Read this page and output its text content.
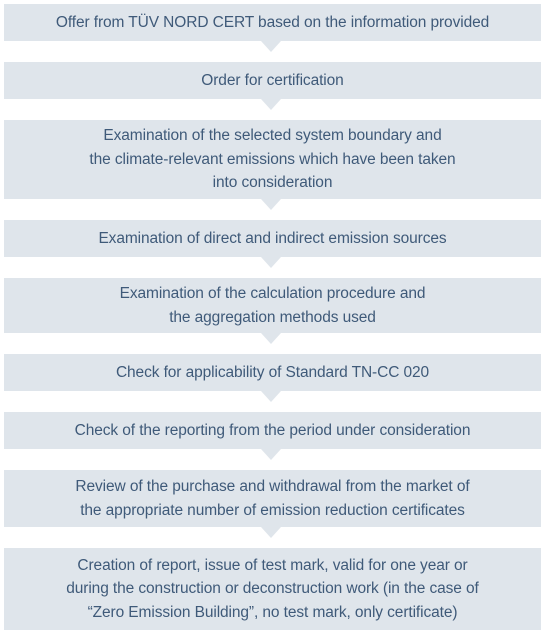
Offer from TÜV NORD CERT based on the information provided
Order for certification
Examination of the selected system boundary and
the climate-relevant emissions which have been taken
into consideration
Examination of direct and indirect emission sources
Examination of the calculation procedure and
the aggregation methods used
Check for applicability of Standard TN-CC 020
Check of the reporting from the period under consideration
Review of the purchase and withdrawal from the market of
the appropriate number of emission reduction certificates
Creation of report, issue of test mark, valid for one year or
during the construction or deconstruction work (in the case of
“Zero Emission Building”, no test mark, only certificate)
